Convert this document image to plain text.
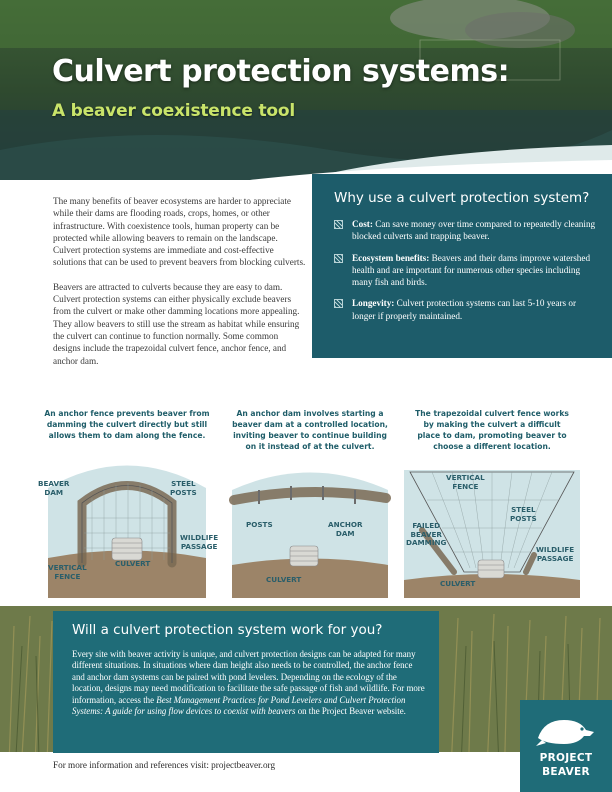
Culvert protection systems:
A beaver coexistence tool

The many benefits of beaver ecosystems are harder to appreciate while their dams are flooding roads, crops, homes, or other infrastructure. With coexistence tools, human property can be protected while allowing beavers to remain on the landscape. Culvert protection systems are immediate and cost-effective solutions that can be used to prevent beavers from blocking culverts.

Beavers are attracted to culverts because they are easy to dam. Culvert protection systems can either physically exclude beavers from the culvert or make other damming locations more appealing. They allow beavers to still use the stream as habitat while ensuring the culvert can continue to function normally. Some common designs include the trapezoidal culvert fence, anchor fence, and anchor dam.

Why use a culvert protection system?
Cost: Can save money over time compared to repeatedly cleaning blocked culverts and trapping beaver.
Ecosystem benefits: Beavers and their dams improve watershed health and are important for numerous other species including many fish and birds.
Longevity: Culvert protection systems can last 5-10 years or longer if properly maintained.
An anchor fence prevents beaver from
damming the culvert directly but still
allows them to dam along the fence.
BEAVER
DAM
STEEL
POSTS
WILDLIFE
PASSAGE
VERTICAL
FENCE
CULVERT
An anchor dam involves starting a
beaver dam at a controlled location,
inviting beaver to continue building
on it instead of at the culvert.
POSTS	ANCHOR
DAM
CULVERT
The trapezoidal culvert fence works
by making the culvert a difficult
place to dam, promoting beaver to
choose a different location.
VERTICAL
FENCE
STEEL
POSTS
FAILED
BEAVER
DAMMING
WILDLIFE
PASSAGE
CULVERT
Will a culvert protection system work for you?
Every site with beaver activity is unique, and culvert protection designs can be adapted for many different situations. In situations where dam height also needs to be controlled, the anchor fence and anchor dam systems can be paired with pond levelers. Depending on the ecology of the location, designs may need modification to facilitate the safe passage of fish and wildlife. For more information, access the Best Management Practices for Pond Levelers and Culvert Protection Systems: A guide for using flow devices to coexist with beavers on the Project Beaver website.
For more information and references visit: projectbeaver.org
PROJECT
BEAVER
